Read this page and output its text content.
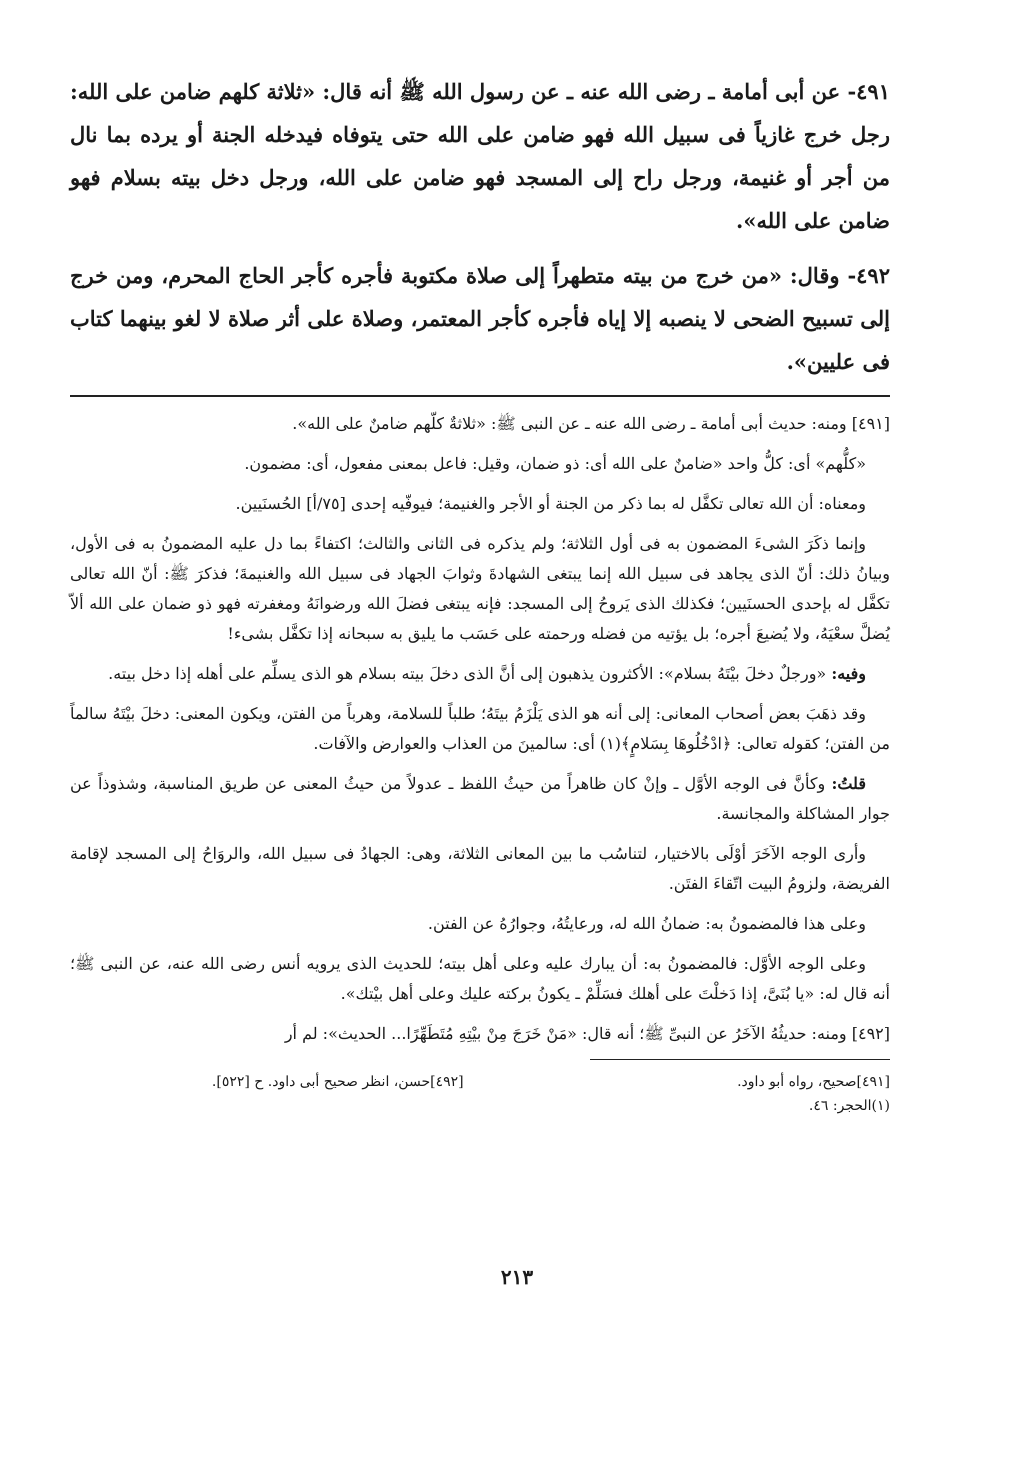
٤٩١- عن أبى أمامة ـ رضى الله عنه ـ عن رسول الله ﷺ أنه قال: «ثلاثة كلهم ضامن على الله: رجل خرج غازياً فى سبيل الله فهو ضامن على الله حتى يتوفاه فيدخله الجنة أو يرده بما نال من أجر أو غنيمة، ورجل راح إلى المسجد فهو ضامن على الله، ورجل دخل بيته بسلام فهو ضامن على الله».

٤٩٢- وقال: «من خرج من بيته متطهراً إلى صلاة مكتوبة فأجره كأجر الحاج المحرم، ومن خرج إلى تسبيح الضحى لا ينصبه إلا إياه فأجره كأجر المعتمر، وصلاة على أثر صلاة لا لغو بينهما كتاب فى عليين».

[٤٩١] ومنه: حديث أبى أمامة ـ رضى الله عنه ـ عن النبى ﷺ: «ثلاثةٌ كلّهم ضامنٌ على الله».

«كلُّهم» أى: كلُّ واحد «ضامنٌ على الله أى: ذو ضمان، وقيل: فاعل بمعنى مفعول، أى: مضمون.

ومعناه: أن الله تعالى تكفَّل له بما ذكر من الجنة أو الأجر والغنيمة؛ فيوفّيه إحدى [٧٥/أ] الحُسنَيين.

وإنما ذكَرَ الشىءَ المضمون به فى أول الثلاثة؛ ولم يذكره فى الثانى والثالث؛ اكتفاءً بما دل عليه المضمونُ به فى الأول، وبيانُ ذلك: أنّ الذى يجاهد فى سبيل الله إنما يبتغى الشهادةَ وثوابَ الجهاد فى سبيل الله والغنيمةَ؛ فذكرَ ﷺ: أنّ الله تعالى تكفَّل له بإحدى الحسنَيين؛ فكذلك الذى يَروحُ إلى المسجد: فإنه يبتغى فضلَ الله ورضوانَهُ ومغفرته فهو ذو ضمان على الله ألاّ يُضلَّ سعْيَهُ، ولا يُضيعَ أجره؛ بل يؤتيه من فضله ورحمته على حَسَب ما يليق به سبحانه إذا تكفَّل بشىء!

وفيه: «ورجلٌ دخلَ بيْتَهُ بسلام»: الأكثرون يذهبون إلى أنَّ الذى دخلَ بيته بسلام هو الذى يسلِّم على أهله إذا دخل بيته.

وقد ذهَبَ بعض أصحاب المعانى: إلى أنه هو الذى يَلْزَمُ بيتَهُ؛ طلباً للسلامة، وهرباً من الفتن، ويكون المعنى: دخلَ بيْتَهُ سالماً من الفتن؛ كقوله تعالى: ﴿ادْخُلُوهَا بِسَلامٍ﴾(١) أى: سالمينَ من العذاب والعوارض والآفات.

قلتُ: وكأنَّ فى الوجه الأوَّل ـ وإنْ كان ظاهراً من حيثُ اللفظ ـ عدولاً من حيثُ المعنى عن طريق المناسبة، وشذوذاً عن جوار المشاكلة والمجانسة.

وأرى الوجه الآخَرَ أوْلَى بالاختيار، لتناسُب ما بين المعانى الثلاثة، وهى: الجهادُ فى سبيل الله، والروَاحُ إلى المسجد لإقامة الفريضة، ولزومُ البيت اتّقاءَ الفتَن.

وعلى هذا فالمضمونُ به: ضمانُ الله له، ورعايتُهُ، وجوارُهُ عن الفتن.

وعلى الوجه الأوَّل: فالمضمونُ به: أن يبارك عليه وعلى أهل بيته؛ للحديث الذى يرويه أنس رضى الله عنه، عن النبى ﷺ؛ أنه قال له: «يا بُنَىَّ، إذا دَخلْتَ على أهلك فسَلِّمْ ـ يكونُ بركته عليك وعلى أهل بيْتك».

[٤٩٢] ومنه: حديثُهُ الآخَرُ عن النبىِّ ﷺ؛ أنه قال: «مَنْ خَرَجَ مِنْ بيْتِهِ مُتَطَهِّرًا... الحديث»: لم أر

[٤٩١]صحيح، رواه أبو داود.
(١)الحجر: ٤٦.
[٤٩٢]حسن، انظر صحيح أبى داود. ح [٥٢٢].
٢١٣
